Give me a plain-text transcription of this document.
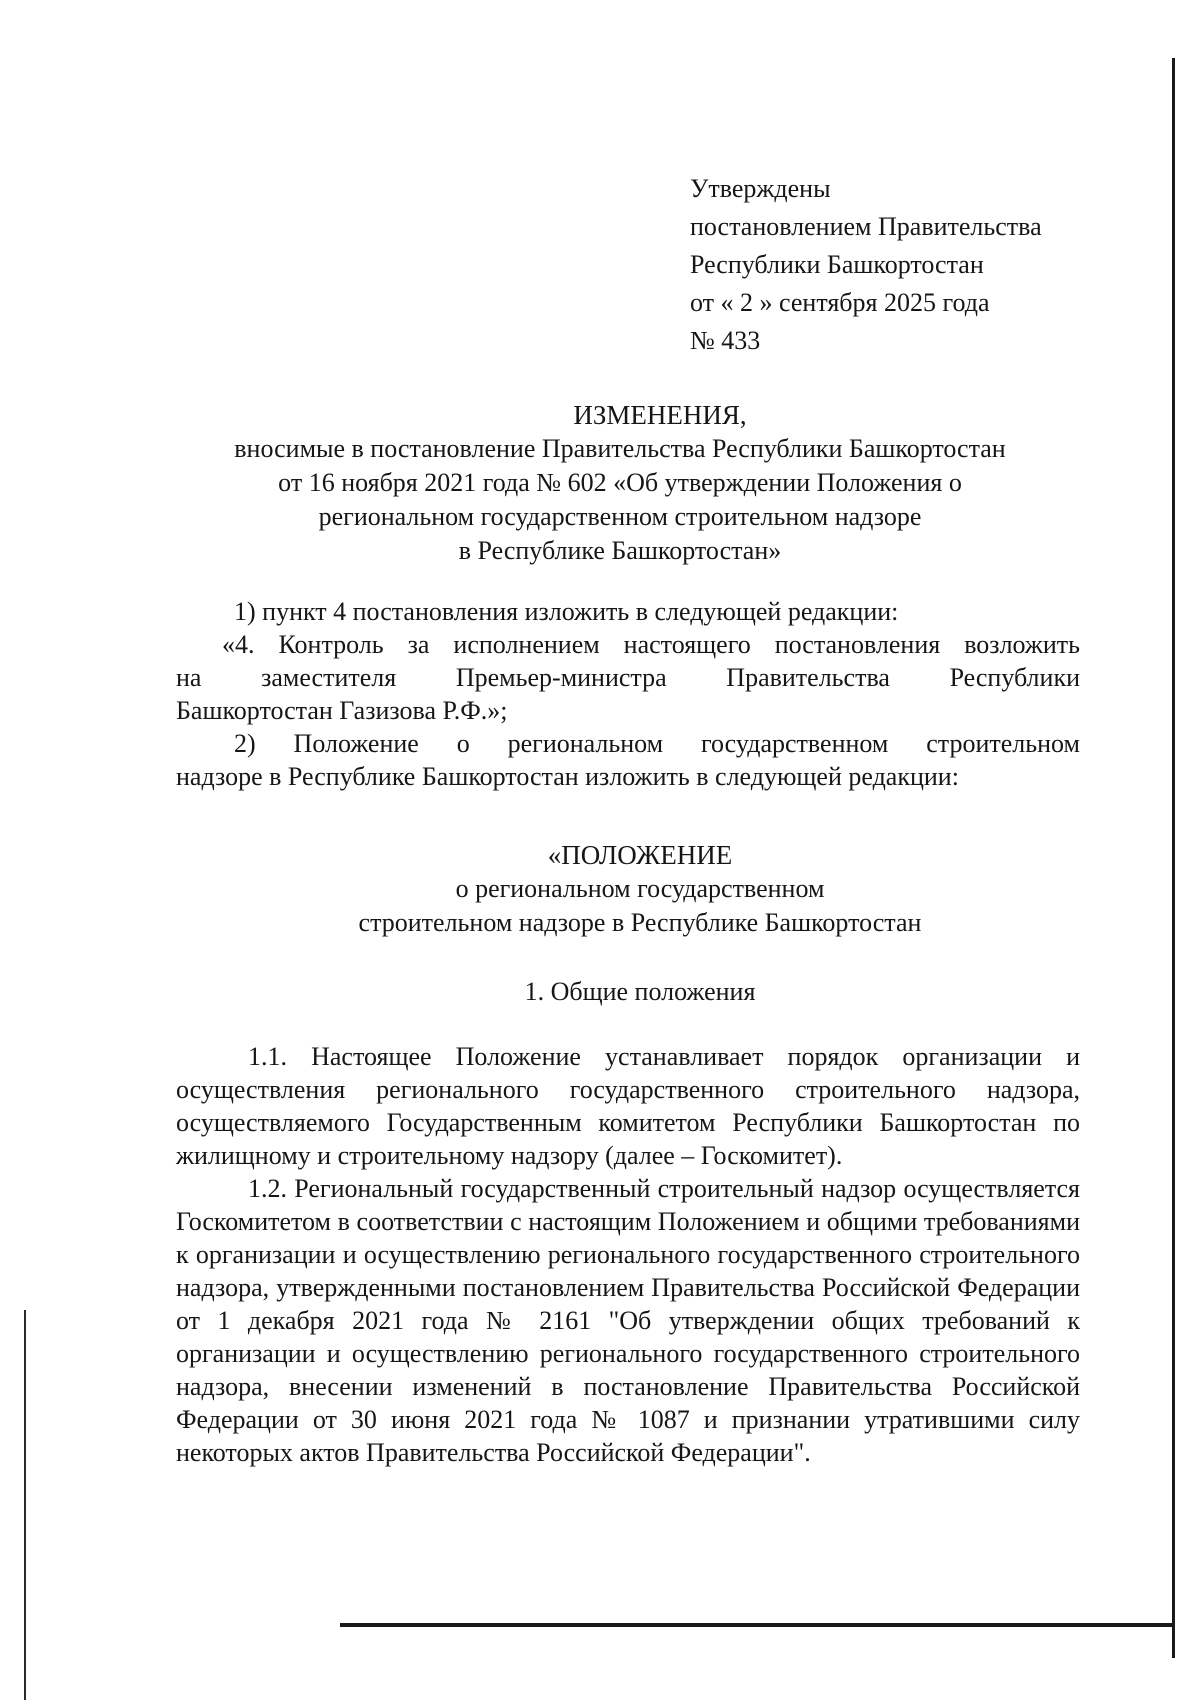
Утверждены
постановлением Правительства
Республики Башкортостан
от « 2 » сентября 2025 года
№ 433
ИЗМЕНЕНИЯ,
вносимые в постановление Правительства Республики Башкортостан
от 16 ноября 2021 года № 602 «Об утверждении Положения о
региональном государственном строительном надзоре
в Республике Башкортостан»
1) пункт 4 постановления изложить в следующей редакции:
«4. Контроль за исполнением настоящего постановления возложить
на заместителя Премьер-министра Правительства Республики
Башкортостан Газизова Р.Ф.»;
2) Положение о региональном государственном строительном
надзоре в Республике Башкортостан изложить в следующей редакции:
«ПОЛОЖЕНИЕ
о региональном государственном
строительном надзоре в Республике Башкортостан
1. Общие положения

1.1. Настоящее Положение устанавливает порядок организации и осуществления регионального государственного строительного надзора, осуществляемого Государственным комитетом Республики Башкортостан по жилищному и строительному надзору (далее – Госкомитет).

1.2. Региональный государственный строительный надзор осуществляется Госкомитетом в соответствии с настоящим Положением и общими требованиями к организации и осуществлению регионального государственного строительного надзора, утвержденными постановлением Правительства Российской Федерации от 1 декабря 2021 года № 2161 "Об утверждении общих требований к организации и осуществлению регионального государственного строительного надзора, внесении изменений в постановление Правительства Российской Федерации от 30 июня 2021 года № 1087 и признании утратившими силу некоторых актов Правительства Российской Федерации".
